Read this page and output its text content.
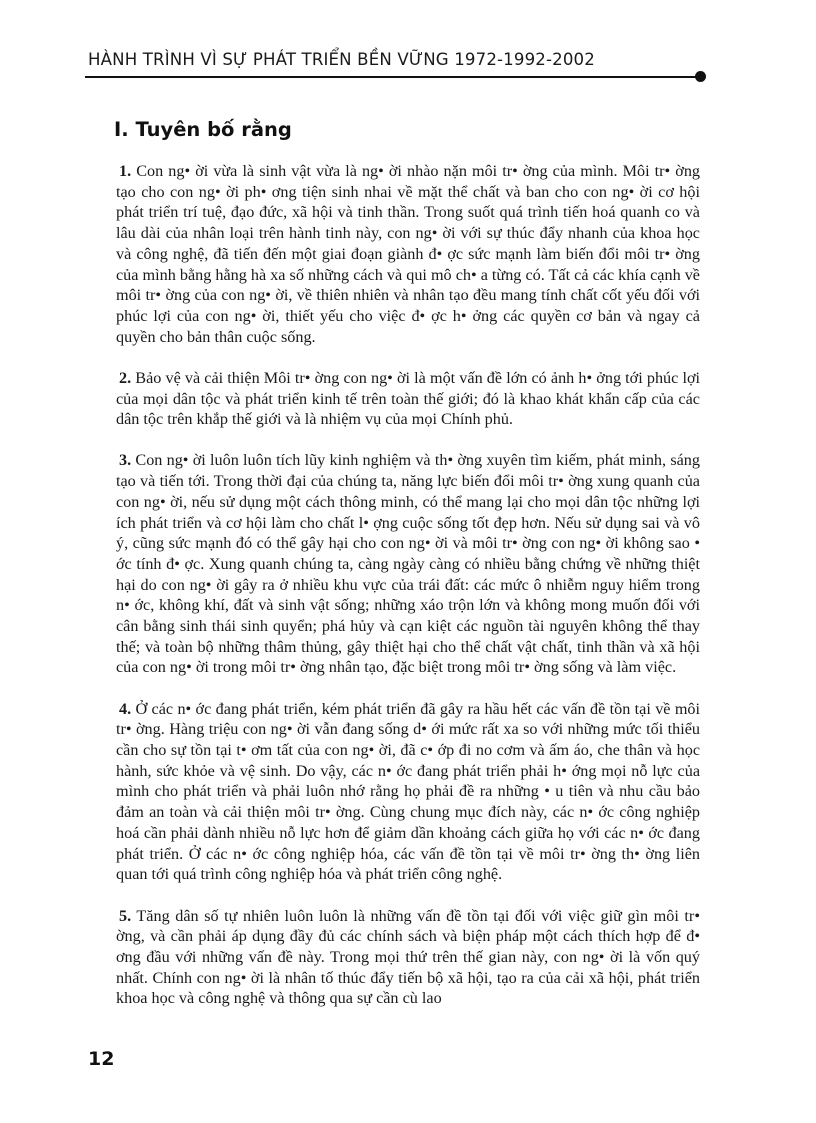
HÀNH TRÌNH VÌ SỰ PHÁT TRIỂN BỀN VỮNG 1972-1992-2002
I. Tuyên bố rằng

1. Con ng• ời vừa là sinh vật vừa là ng• ời nhào nặn môi tr• ờng của mình. Môi tr• ờng tạo cho con ng• ời ph• ơng tiện sinh nhai về mặt thể chất và ban cho con ng• ời cơ hội phát triển trí tuệ, đạo đức, xã hội và tinh thần. Trong suốt quá trình tiến hoá quanh co và lâu dài của nhân loại trên hành tinh này, con ng• ời với sự thúc đẩy nhanh của khoa học và công nghệ, đã tiến đến một giai đoạn giành đ• ợc sức mạnh làm biến đổi môi tr• ờng của mình bằng hằng hà xa số những cách và qui mô ch• a từng có. Tất cả các khía cạnh về môi tr• ờng của con ng• ời, về thiên nhiên và nhân tạo đều mang tính chất cốt yếu đối với phúc lợi của con ng• ời, thiết yếu cho việc đ• ợc h• ởng các quyền cơ bản và ngay cả quyền cho bản thân cuộc sống.

2. Bảo vệ và cải thiện Môi tr• ờng con ng• ời là một vấn đề lớn có ảnh h• ởng tới phúc lợi của mọi dân tộc và phát triển kinh tế trên toàn thế giới; đó là khao khát khẩn cấp của các dân tộc trên khắp thế giới và là nhiệm vụ của mọi Chính phủ.

3. Con ng• ời luôn luôn tích lũy kinh nghiệm và th• ờng xuyên tìm kiếm, phát minh, sáng tạo và tiến tới. Trong thời đại của chúng ta, năng lực biến đổi môi tr• ờng xung quanh của con ng• ời, nếu sử dụng một cách thông minh, có thể mang lại cho mọi dân tộc những lợi ích phát triển và cơ hội làm cho chất l• ợng cuộc sống tốt đẹp hơn. Nếu sử dụng sai và vô ý, cũng sức mạnh đó có thể gây hại cho con ng• ời và môi tr• ờng con ng• ời không sao • ớc tính đ• ợc. Xung quanh chúng ta, càng ngày càng có nhiều bằng chứng về những thiệt hại do con ng• ời gây ra ở nhiều khu vực của trái đất: các mức ô nhiễm nguy hiểm trong n• ớc, không khí, đất và sinh vật sống; những xáo trộn lớn và không mong muốn đối với cân bằng sinh thái sinh quyển; phá hủy và cạn kiệt các nguồn tài nguyên không thể thay thế; và toàn bộ những thâm thủng, gây thiệt hại cho thể chất vật chất, tinh thần và xã hội của con ng• ời trong môi tr• ờng nhân tạo, đặc biệt trong môi tr• ờng sống và làm việc.

4. Ở các n• ớc đang phát triển, kém phát triển đã gây ra hầu hết các vấn đề tồn tại về môi tr• ờng. Hàng triệu con ng• ời vẫn đang sống d• ới mức rất xa so với những mức tối thiểu cần cho sự tồn tại t• ơm tất của con ng• ời, đã c• ớp đi no cơm và ấm áo, che thân và học hành, sức khỏe và vệ sinh. Do vậy, các n• ớc đang phát triển phải h• ớng mọi nỗ lực của mình cho phát triển và phải luôn nhớ rằng họ phải đề ra những • u tiên và nhu cầu bảo đảm an toàn và cải thiện môi tr• ờng. Cùng chung mục đích này, các n• ớc công nghiệp hoá cần phải dành nhiều nỗ lực hơn để giảm dần khoảng cách giữa họ với các n• ớc đang phát triển. Ở các n• ớc công nghiệp hóa, các vấn đề tồn tại về môi tr• ờng th• ờng liên quan tới quá trình công nghiệp hóa và phát triển công nghệ.

5. Tăng dân số tự nhiên luôn luôn là những vấn đề tồn tại đối với việc giữ gìn môi tr• ờng, và cần phải áp dụng đầy đủ các chính sách và biện pháp một cách thích hợp để đ• ơng đầu với những vấn đề này. Trong mọi thứ trên thế gian này, con ng• ời là vốn quý nhất. Chính con ng• ời là nhân tố thúc đẩy tiến bộ xã hội, tạo ra của cải xã hội, phát triển khoa học và công nghệ và thông qua sự cần cù lao

12
